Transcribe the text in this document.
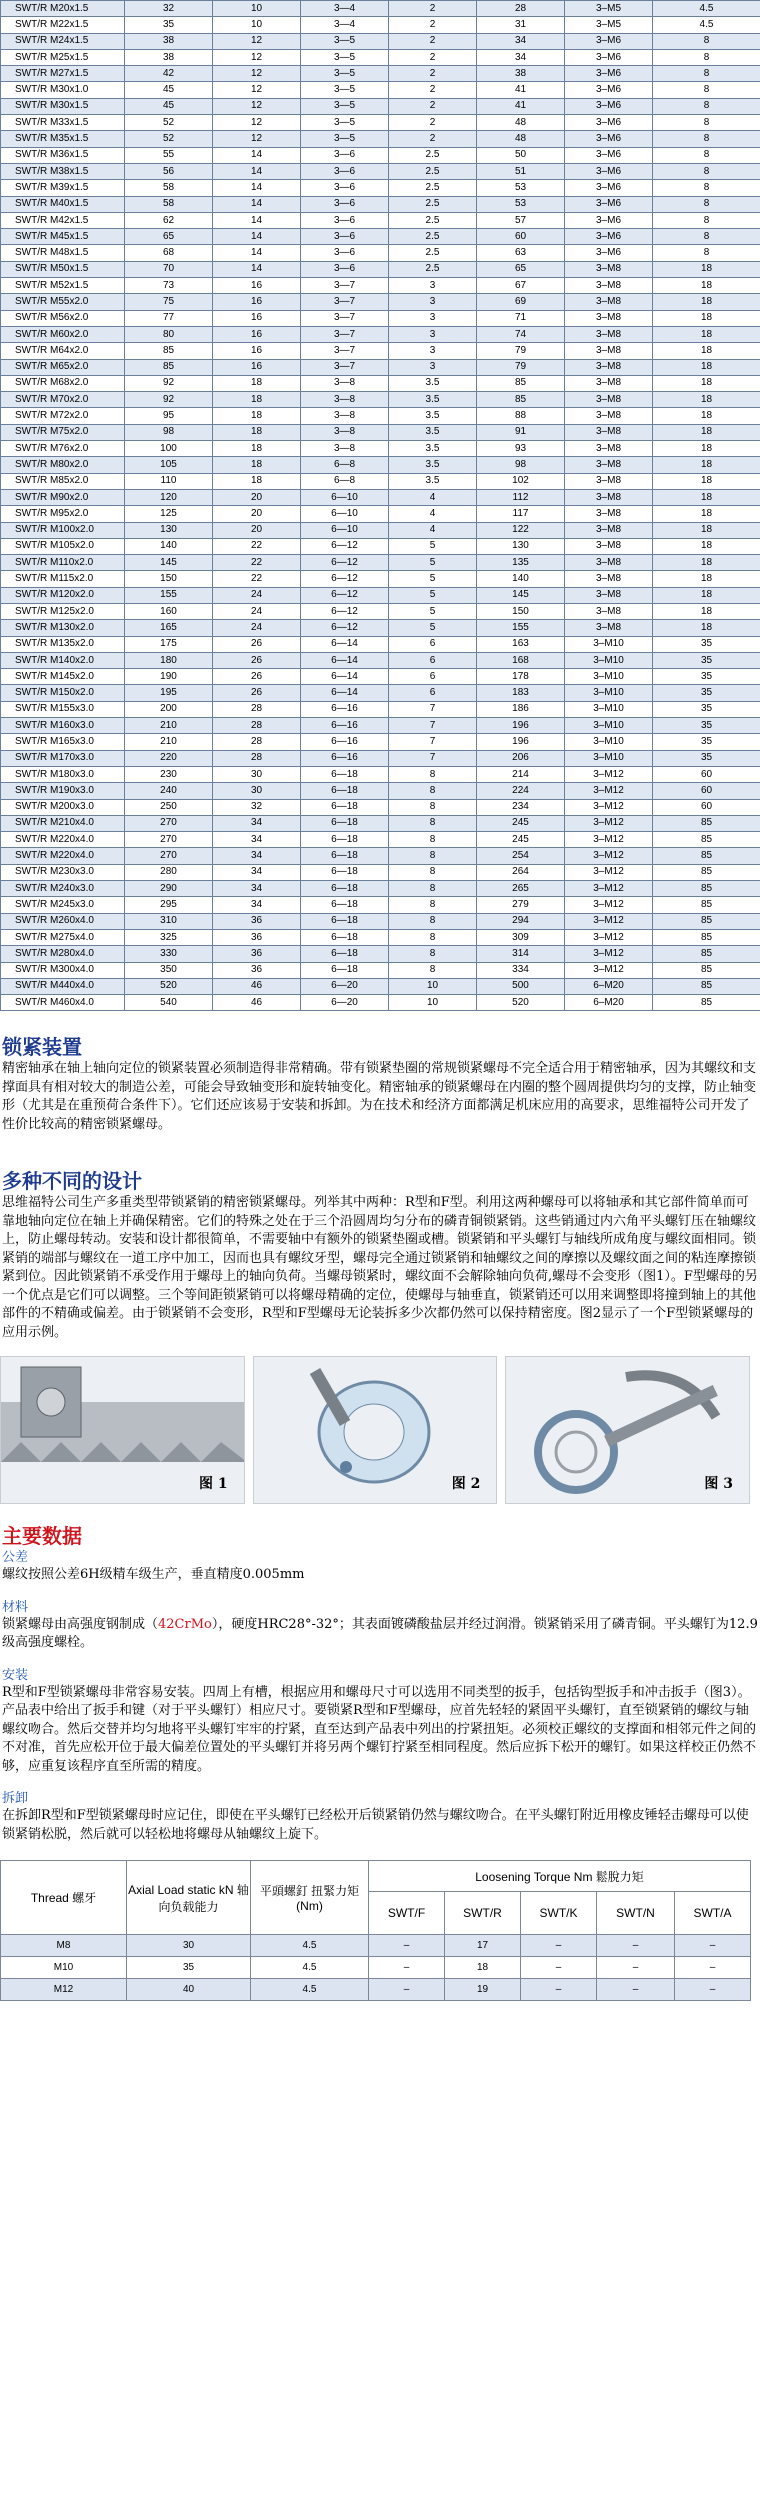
SWT/R M20x1.5	32	10	3—4	2	28	3–M5	4.5
SWT/R M22x1.5	35	10	3—4	2	31	3–M5	4.5
SWT/R M24x1.5	38	12	3—5	2	34	3–M6	8
SWT/R M25x1.5	38	12	3—5	2	34	3–M6	8
SWT/R M27x1.5	42	12	3—5	2	38	3–M6	8
SWT/R M30x1.0	45	12	3—5	2	41	3–M6	8
SWT/R M30x1.5	45	12	3—5	2	41	3–M6	8
SWT/R M33x1.5	52	12	3—5	2	48	3–M6	8
SWT/R M35x1.5	52	12	3—5	2	48	3–M6	8
SWT/R M36x1.5	55	14	3—6	2.5	50	3–M6	8
SWT/R M38x1.5	56	14	3—6	2.5	51	3–M6	8
SWT/R M39x1.5	58	14	3—6	2.5	53	3–M6	8
SWT/R M40x1.5	58	14	3—6	2.5	53	3–M6	8
SWT/R M42x1.5	62	14	3—6	2.5	57	3–M6	8
SWT/R M45x1.5	65	14	3—6	2.5	60	3–M6	8
SWT/R M48x1.5	68	14	3—6	2.5	63	3–M6	8
SWT/R M50x1.5	70	14	3—6	2.5	65	3–M8	18
SWT/R M52x1.5	73	16	3—7	3	67	3–M8	18
SWT/R M55x2.0	75	16	3—7	3	69	3–M8	18
SWT/R M56x2.0	77	16	3—7	3	71	3–M8	18
SWT/R M60x2.0	80	16	3—7	3	74	3–M8	18
SWT/R M64x2.0	85	16	3—7	3	79	3–M8	18
SWT/R M65x2.0	85	16	3—7	3	79	3–M8	18
SWT/R M68x2.0	92	18	3—8	3.5	85	3–M8	18
SWT/R M70x2.0	92	18	3—8	3.5	85	3–M8	18
SWT/R M72x2.0	95	18	3—8	3.5	88	3–M8	18
SWT/R M75x2.0	98	18	3—8	3.5	91	3–M8	18
SWT/R M76x2.0	100	18	3—8	3.5	93	3–M8	18
SWT/R M80x2.0	105	18	6—8	3.5	98	3–M8	18
SWT/R M85x2.0	110	18	6—8	3.5	102	3–M8	18
SWT/R M90x2.0	120	20	6—10	4	112	3–M8	18
SWT/R M95x2.0	125	20	6—10	4	117	3–M8	18
SWT/R M100x2.0	130	20	6—10	4	122	3–M8	18
SWT/R M105x2.0	140	22	6—12	5	130	3–M8	18
SWT/R M110x2.0	145	22	6—12	5	135	3–M8	18
SWT/R M115x2.0	150	22	6—12	5	140	3–M8	18
SWT/R M120x2.0	155	24	6—12	5	145	3–M8	18
SWT/R M125x2.0	160	24	6—12	5	150	3–M8	18
SWT/R M130x2.0	165	24	6—12	5	155	3–M8	18
SWT/R M135x2.0	175	26	6—14	6	163	3–M10	35
SWT/R M140x2.0	180	26	6—14	6	168	3–M10	35
SWT/R M145x2.0	190	26	6—14	6	178	3–M10	35
SWT/R M150x2.0	195	26	6—14	6	183	3–M10	35
SWT/R M155x3.0	200	28	6—16	7	186	3–M10	35
SWT/R M160x3.0	210	28	6—16	7	196	3–M10	35
SWT/R M165x3.0	210	28	6—16	7	196	3–M10	35
SWT/R M170x3.0	220	28	6—16	7	206	3–M10	35
SWT/R M180x3.0	230	30	6—18	8	214	3–M12	60
SWT/R M190x3.0	240	30	6—18	8	224	3–M12	60
SWT/R M200x3.0	250	32	6—18	8	234	3–M12	60
SWT/R M210x4.0	270	34	6—18	8	245	3–M12	85
SWT/R M220x4.0	270	34	6—18	8	245	3–M12	85
SWT/R M220x4.0	270	34	6—18	8	254	3–M12	85
SWT/R M230x3.0	280	34	6—18	8	264	3–M12	85
SWT/R M240x3.0	290	34	6—18	8	265	3–M12	85
SWT/R M245x3.0	295	34	6—18	8	279	3–M12	85
SWT/R M260x4.0	310	36	6—18	8	294	3–M12	85
SWT/R M275x4.0	325	36	6—18	8	309	3–M12	85
SWT/R M280x4.0	330	36	6—18	8	314	3–M12	85
SWT/R M300x4.0	350	36	6—18	8	334	3–M12	85
SWT/R M440x4.0	520	46	6—20	10	500	6–M20	85
SWT/R M460x4.0	540	46	6—20	10	520	6–M20	85
锁紧装置

精密轴承在轴上轴向定位的锁紧装置必须制造得非常精确。带有锁紧垫圈的常规锁紧螺母不完全适合用于精密轴承，因为其螺纹和支撑面具有相对较大的制造公差，可能会导致轴变形和旋转轴变化。精密轴承的锁紧螺母在内圈的整个圆周提供均匀的支撑，防止轴变形（尤其是在重预荷合条件下）。它们还应该易于安装和拆卸。为在技术和经济方面都满足机床应用的高要求，思维福特公司开发了性价比较高的精密锁紧螺母。

多种不同的设计

思维福特公司生产多重类型带锁紧销的精密锁紧螺母。列举其中两种：R型和F型。利用这两种螺母可以将轴承和其它部件简单而可靠地轴向定位在轴上并确保精密。它们的特殊之处在于三个沿圆周均匀分布的磷青铜锁紧销。这些销通过内六角平头螺钉压在轴螺纹上，防止螺母转动。安装和设计都很简单，不需要轴中有额外的锁紧垫圈或槽。锁紧销和平头螺钉与轴线所成角度与螺纹面相同。锁紧销的端部与螺纹在一道工序中加工，因而也具有螺纹牙型，螺母完全通过锁紧销和轴螺纹之间的摩擦以及螺纹面之间的粘连摩擦锁紧到位。因此锁紧销不承受作用于螺母上的轴向负荷。当螺母锁紧时，螺纹面不会解除轴向负荷,螺母不会变形（图1）。F型螺母的另一个优点是它们可以调整。三个等间距锁紧销可以将螺母精确的定位，使螺母与轴垂直，锁紧销还可以用来调整即将撞到轴上的其他部件的不精确或偏差。由于锁紧销不会变形，R型和F型螺母无论装拆多少次都仍然可以保持精密度。图2显示了一个F型锁紧螺母的应用示例。

图 1	图 2	图 3
主要数据
公差

螺纹按照公差6H级精车级生产，垂直精度0.005mm

材料

锁紧螺母由高强度钢制成（42CrMo），硬度HRC28°-32°；其表面镀磷酸盐层并经过润滑。锁紧销采用了磷青铜。平头螺钉为12.9级高强度螺栓。

安装

R型和F型锁紧螺母非常容易安装。四周上有槽，根据应用和螺母尺寸可以选用不同类型的扳手，包括钩型扳手和冲击扳手（图3）。产品表中给出了扳手和键（对于平头螺钉）相应尺寸。要锁紧R型和F型螺母，应首先轻轻的紧固平头螺钉，直至锁紧销的螺纹与轴螺纹吻合。然后交替并均匀地将平头螺钉牢牢的拧紧，直至达到产品表中列出的拧紧扭矩。必须校正螺纹的支撑面和相邻元件之间的不对准，首先应松开位于最大偏差位置处的平头螺钉并将另两个螺钉拧紧至相同程度。然后应拆下松开的螺钉。如果这样校正仍然不够，应重复该程序直至所需的精度。

拆卸

在拆卸R型和F型锁紧螺母时应记住，即使在平头螺钉已经松开后锁紧销仍然与螺纹吻合。在平头螺钉附近用橡皮锤轻击螺母可以使锁紧销松脱，然后就可以轻松地将螺母从轴螺纹上旋下。

Thread 螺牙	Axial Load static kN 轴向负载能力	平頭螺釘 扭緊力矩 (Nm)	Loosening Torque Nm 鬆脫力矩				
			SWT/F	SWT/R	SWT/K	SWT/N	SWT/A
M8	30	4.5	–	17	–	–	–
M10	35	4.5	–	18	–	–	–
M12	40	4.5	–	19	–	–	–
